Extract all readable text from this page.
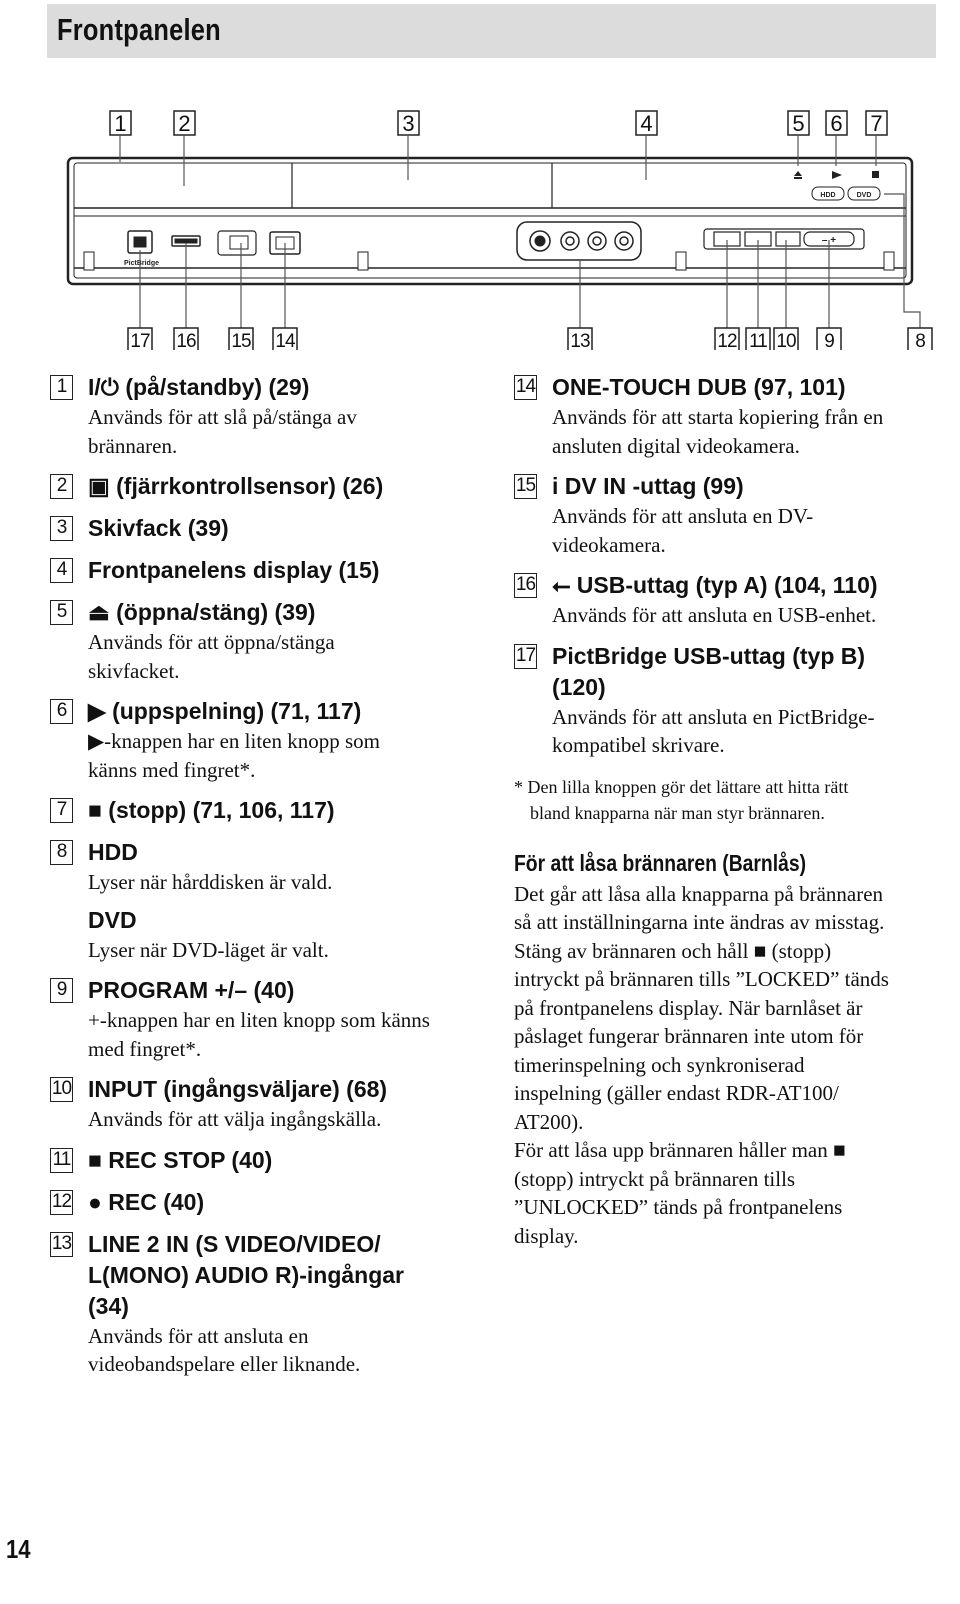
Frontpanelen
1 2	3	4	5 6 7
HDD	DVD
PictBridge
– +
17 16 15 14	13	12 11 10 9	8
1 I/⏻ (på/standby) (29)
Används för att slå på/stänga av
brännaren.
2 ▣ (fjärrkontrollsensor) (26)
3 Skivfack (39)
4 Frontpanelens display (15)
5 ⏏ (öppna/stäng) (39)
Används för att öppna/stänga
skivfacket.
6 ▶ (uppspelning) (71, 117)
▶-knappen har en liten knopp som
känns med fingret*.
7 ■ (stopp) (71, 106, 117)
8 HDD
Lyser när hårddisken är vald.
DVD
Lyser när DVD-läget är valt.
9 PROGRAM +/– (40)
+-knappen har en liten knopp som känns
med fingret*.
10 INPUT (ingångsväljare) (68)
Används för att välja ingångskälla.
11 ■ REC STOP (40)
12 ● REC (40)
13 LINE 2 IN (S VIDEO/VIDEO/
L(MONO) AUDIO R)-ingångar
(34)
Används för att ansluta en
videobandspelare eller liknande.
14 ONE-TOUCH DUB (97, 101)
Används för att starta kopiering från en
ansluten digital videokamera.
15 i DV IN -uttag (99)
Används för att ansluta en DV-
videokamera.
16 ⭠ USB-uttag (typ A) (104, 110)
Används för att ansluta en USB-enhet.
17 PictBridge USB-uttag (typ B)
(120)
Används för att ansluta en PictBridge-
kompatibel skrivare.
* Den lilla knoppen gör det lättare att hitta rätt
bland knapparna när man styr brännaren.
För att låsa brännaren (Barnlås)
Det går att låsa alla knapparna på brännaren
så att inställningarna inte ändras av misstag.
Stäng av brännaren och håll ■ (stopp)
intryckt på brännaren tills ”LOCKED” tänds
på frontpanelens display. När barnlåset är
påslaget fungerar brännaren inte utom för
timerinspelning och synkroniserad
inspelning (gäller endast RDR-AT100/
AT200).
För att låsa upp brännaren håller man ■
(stopp) intryckt på brännaren tills
”UNLOCKED” tänds på frontpanelens
display.
14
